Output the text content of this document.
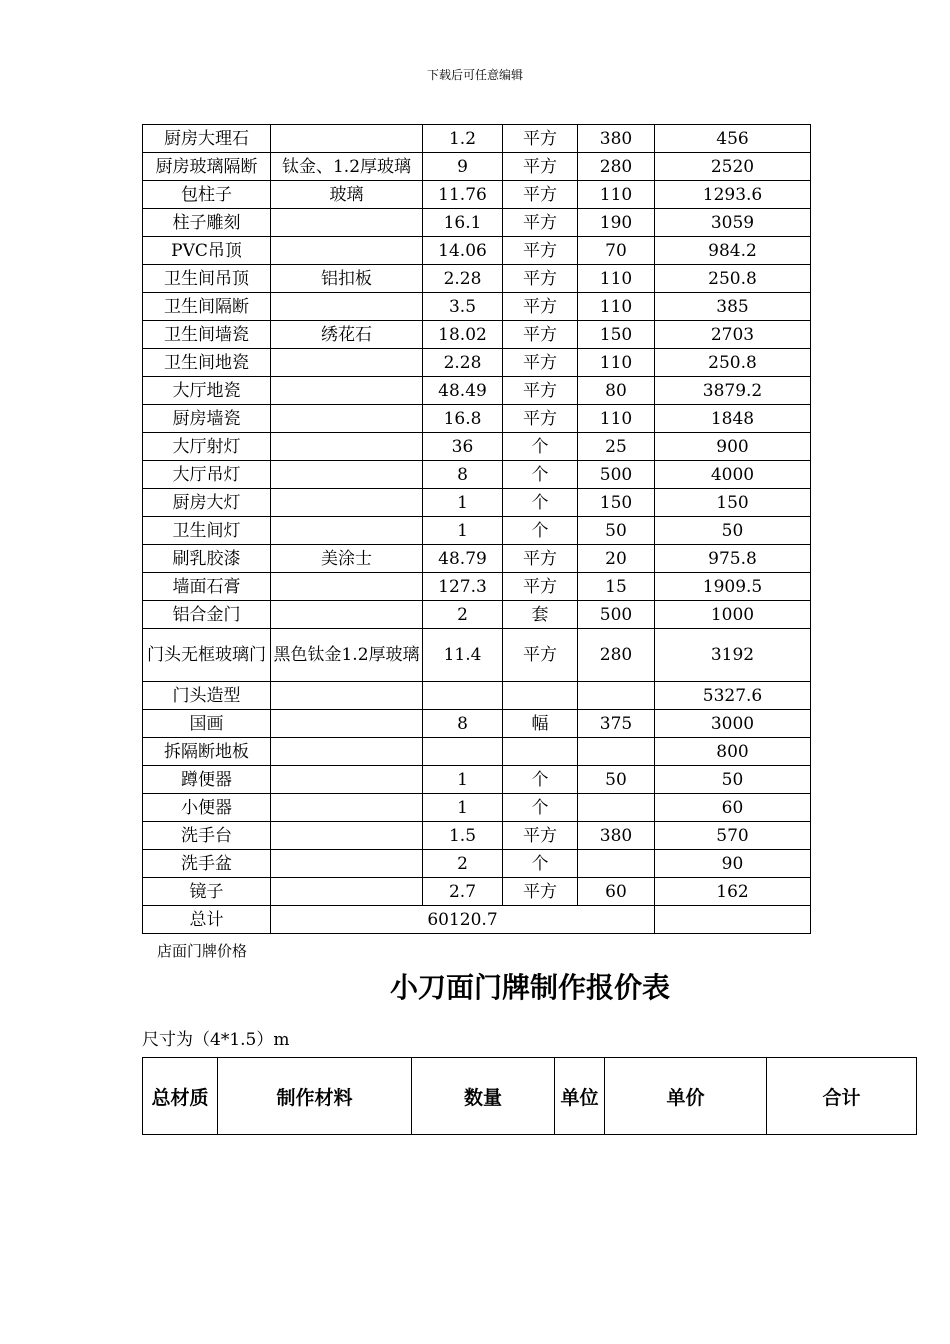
下载后可任意编辑
厨房大理石		1.2	平方	380	456
厨房玻璃隔断	钛金、1.2厚玻璃	9	平方	280	2520
包柱子	玻璃	11.76	平方	110	1293.6
柱子雕刻		16.1	平方	190	3059
PVC吊顶		14.06	平方	70	984.2
卫生间吊顶	铝扣板	2.28	平方	110	250.8
卫生间隔断		3.5	平方	110	385
卫生间墙瓷	绣花石	18.02	平方	150	2703
卫生间地瓷		2.28	平方	110	250.8
大厅地瓷		48.49	平方	80	3879.2
厨房墙瓷		16.8	平方	110	1848
大厅射灯		36	个	25	900
大厅吊灯		8	个	500	4000
厨房大灯		1	个	150	150
卫生间灯		1	个	50	50
刷乳胶漆	美涂士	48.79	平方	20	975.8
墙面石膏		127.3	平方	15	1909.5
铝合金门		2	套	500	1000
门头无框玻璃门	黑色钛金1.2厚玻璃	11.4	平方	280	3192
门头造型					5327.6
国画		8	幅	375	3000
拆隔断地板					800
蹲便器		1	个	50	50
小便器		1	个		60
洗手台		1.5	平方	380	570
洗手盆		2	个		90
镜子		2.7	平方	60	162
总计	60120.7				
店面门牌价格
小刀面门牌制作报价表
尺寸为（4*1.5）m
总材质	制作材料	数量	单位	单价	合计
